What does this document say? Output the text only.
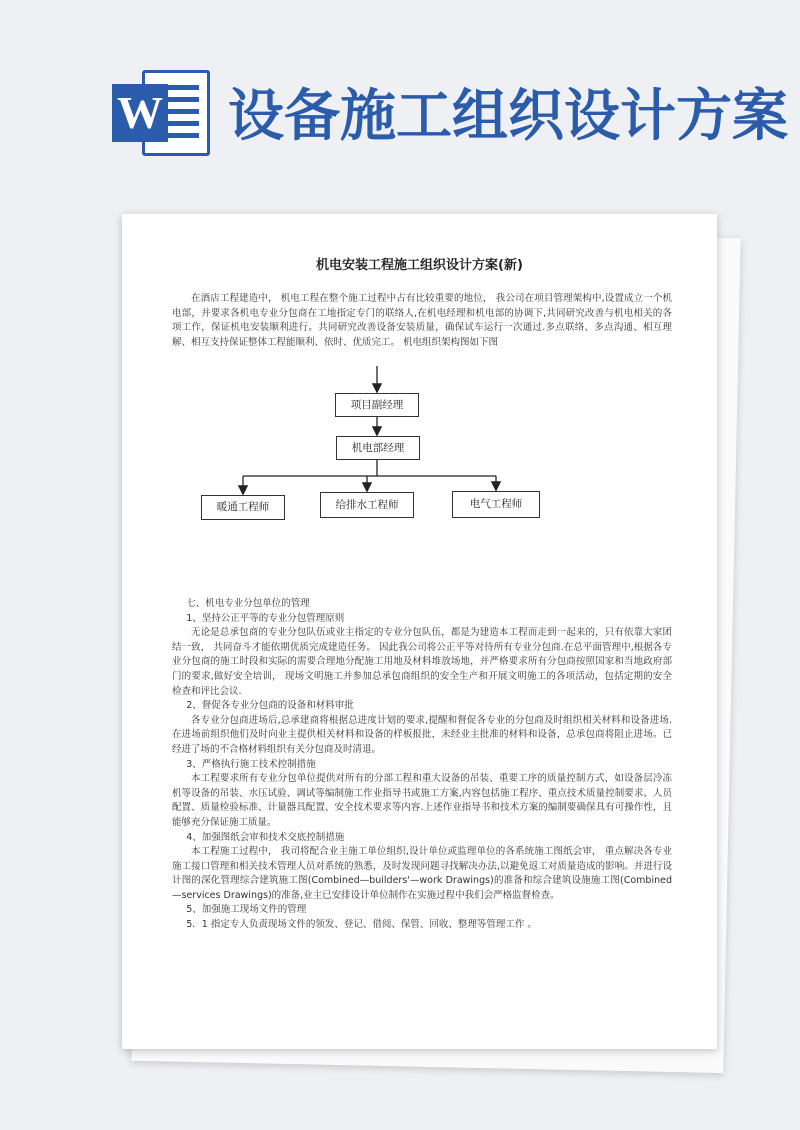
W 设备施工组织设计方案
机电安装工程施工组织设计方案(新)

在酒店工程建造中， 机电工程在整个施工过程中占有比较重要的地位， 我公司在项目管理架构中,设置成立一个机电部，并要求各机电专业分包商在工地指定专门的联络人,在机电经理和机电部的协调下,共同研究改善与机电相关的各项工作，保证机电安装顺利进行。共同研究改善设备安装质量，确保试车运行一次通过.多点联络、多点沟通、相互理解、相互支持保证整体工程能顺利、依时、优质完工。 机电组织架构图如下图

项目副经理
机电部经理
暖通工程师	给排水工程师	电气工程师

七、机电专业分包单位的管理

1、坚持公正平等的专业分包管理原则

无论是总承包商的专业分包队伍或业主指定的专业分包队伍，都是为建造本工程而走到一起来的，只有依靠大家团结一致， 共同奋斗才能依期优质完成建造任务。 因此我公司将公正平等对待所有专业分包商.在总平面管理中,根据各专业分包商的施工时段和实际的需要合理地分配施工用地及材料堆放场地，并严格要求所有分包商按照国家和当地政府部门的要求,做好安全培训， 现场文明施工并参加总承包商组织的安全生产和开展文明施工的各项活动，包括定期的安全检查和评比会议.

2、督促各专业分包商的设备和材料审批

各专业分包商进场后,总承建商将根据总进度计划的要求,提醒和督促各专业的分包商及时组织相关材料和设备进场.在进场前组织他们及时向业主提供相关材料和设备的样板报批，未经业主批准的材料和设备，总承包商将阻止进场。已经进了场的不合格材料组织有关分包商及时清退。

3、严格执行施工技术控制措施

本工程要求所有专业分包单位提供对所有的分部工程和重大设备的吊装、重要工序的质量控制方式，如设备层冷冻机等设备的吊装、水压试验、调试等编制施工作业指导书或施工方案,内容包括施工程序、重点技术质量控制要求、人员配置、质量检验标准、计量器具配置、安全技术要求等内容.上述作业指导书和技术方案的编制要确保具有可操作性，且能够充分保证施工质量。

4、加强图纸会审和技术交底控制措施

本工程施工过程中， 我司将配合业主施工单位组织,设计单位或监理单位的各系统施工图纸会审， 重点解决各专业施工接口管理和相关技术管理人员对系统的熟悉，及时发现问题寻找解决办法,以避免返工对质量造成的影响。并进行设计图的深化管理综合建筑施工图(Combined—builders'—work Drawings)的准备和综合建筑设施施工图(Combined—services Drawings)的准备,业主已安排设计单位制作在实施过程中我们会严格监督检查。

5、加强施工现场文件的管理

5．1 指定专人负责现场文件的领发、登记、借阅、保管、回收、整理等管理工作 。
